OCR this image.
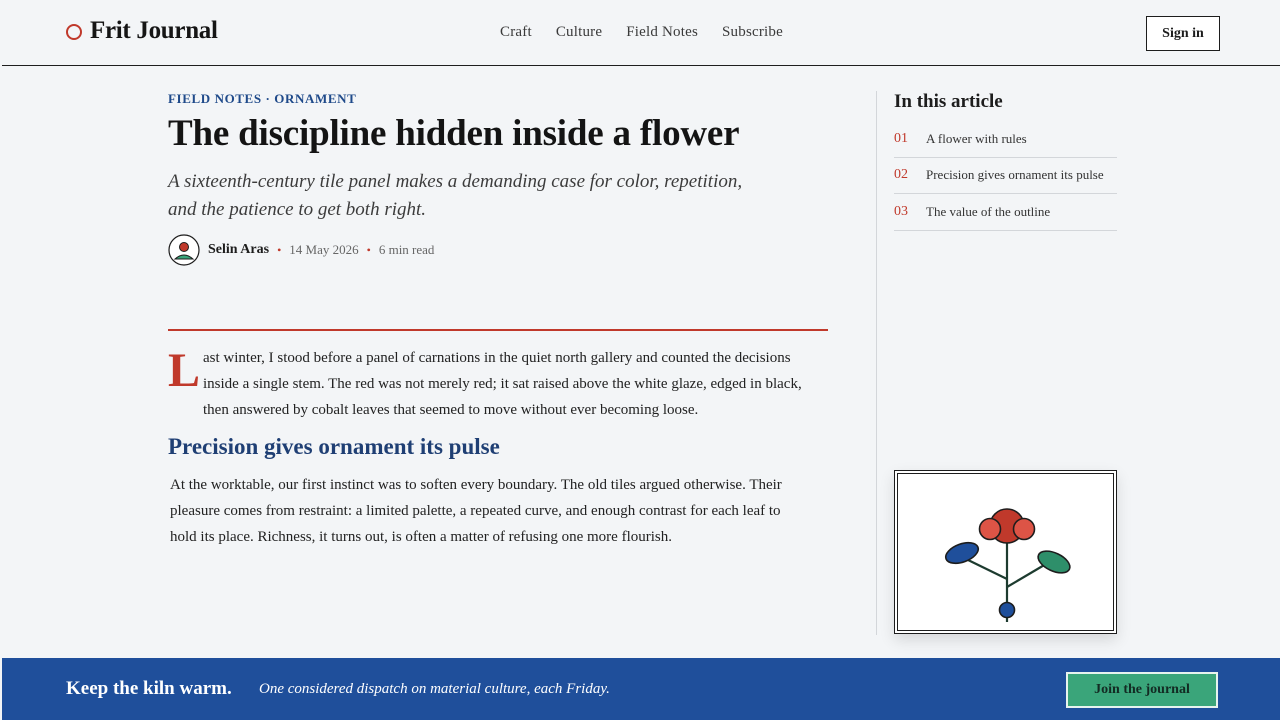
Frit Journal	Craft Culture Field Notes Subscribe	Sign in
FIELD NOTES · ORNAMENT
The discipline hidden inside a flower

A sixteenth-century tile panel makes a demanding case for color, repetition, and the patience to get both right.

Selin Aras • 14 May 2026 • 6 min read
L ast winter, I stood before a panel of carnations in the quiet north gallery and counted the decisions inside a single stem. The red was not merely red; it sat raised above the white glaze, edged in black, then answered by cobalt leaves that seemed to move without ever becoming loose.

Precision gives ornament its pulse

At the worktable, our first instinct was to soften every boundary. The old tiles argued otherwise. Their pleasure comes from restraint: a limited palette, a repeated curve, and enough contrast for each leaf to hold its place. Richness, it turns out, is often a matter of refusing one more flourish.

In this article
01	A flower with rules
02	Precision gives ornament its pulse
03	The value of the outline
Keep the kiln warm. One considered dispatch on material culture, each Friday.	Join the journal
